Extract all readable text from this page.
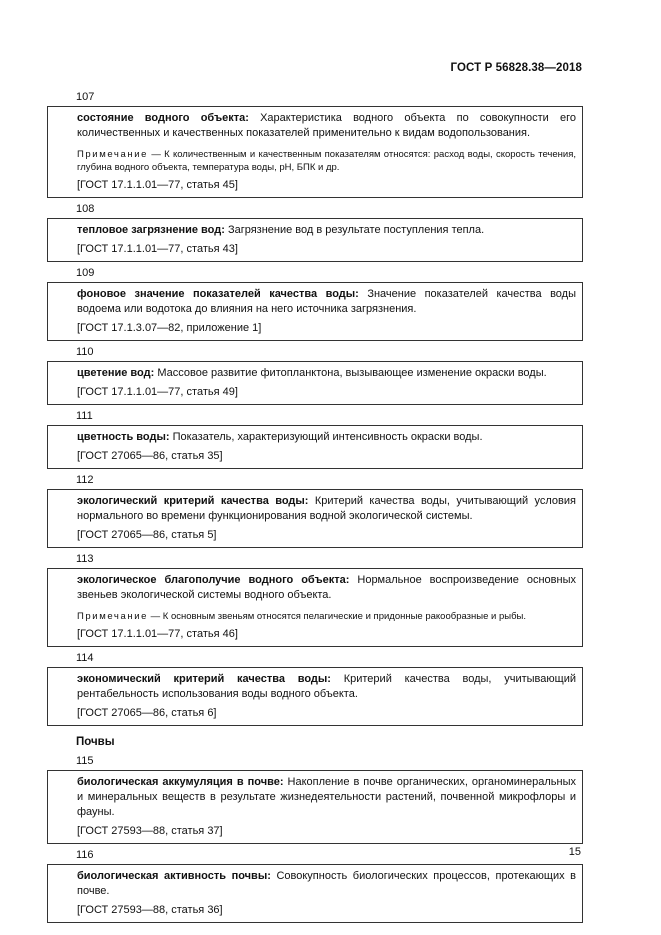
ГОСТ Р 56828.38—2018
107
состояние водного объекта: Характеристика водного объекта по совокупности его количественных и качественных показателей применительно к видам водопользования.
Примечание — К количественным и качественным показателям относятся: расход воды, скорость течения, глубина водного объекта, температура воды, pH, БПК и др.
[ГОСТ 17.1.1.01—77, статья 45]
108
тепловое загрязнение вод: Загрязнение вод в результате поступления тепла.
[ГОСТ 17.1.1.01—77, статья 43]
109
фоновое значение показателей качества воды: Значение показателей качества воды водоема или водотока до влияния на него источника загрязнения.
[ГОСТ 17.1.3.07—82, приложение 1]
110
цветение вод: Массовое развитие фитопланктона, вызывающее изменение окраски воды.
[ГОСТ 17.1.1.01—77, статья 49]
111
цветность воды: Показатель, характеризующий интенсивность окраски воды.
[ГОСТ 27065—86, статья 35]
112
экологический критерий качества воды: Критерий качества воды, учитывающий условия нормального во времени функционирования водной экологической системы.
[ГОСТ 27065—86, статья 5]
113
экологическое благополучие водного объекта: Нормальное воспроизведение основных звеньев экологической системы водного объекта.
Примечание — К основным звеньям относятся пелагические и придонные ракообразные и рыбы.
[ГОСТ 17.1.1.01—77, статья 46]
114
экономический критерий качества воды: Критерий качества воды, учитывающий рентабельность использования воды водного объекта.
[ГОСТ 27065—86, статья 6]
Почвы
115
биологическая аккумуляция в почве: Накопление в почве органических, органоминеральных и минеральных веществ в результате жизнедеятельности растений, почвенной микрофлоры и фауны.
[ГОСТ 27593—88, статья 37]
116
биологическая активность почвы: Совокупность биологических процессов, протекающих в почве.
[ГОСТ 27593—88, статья 36]
15
